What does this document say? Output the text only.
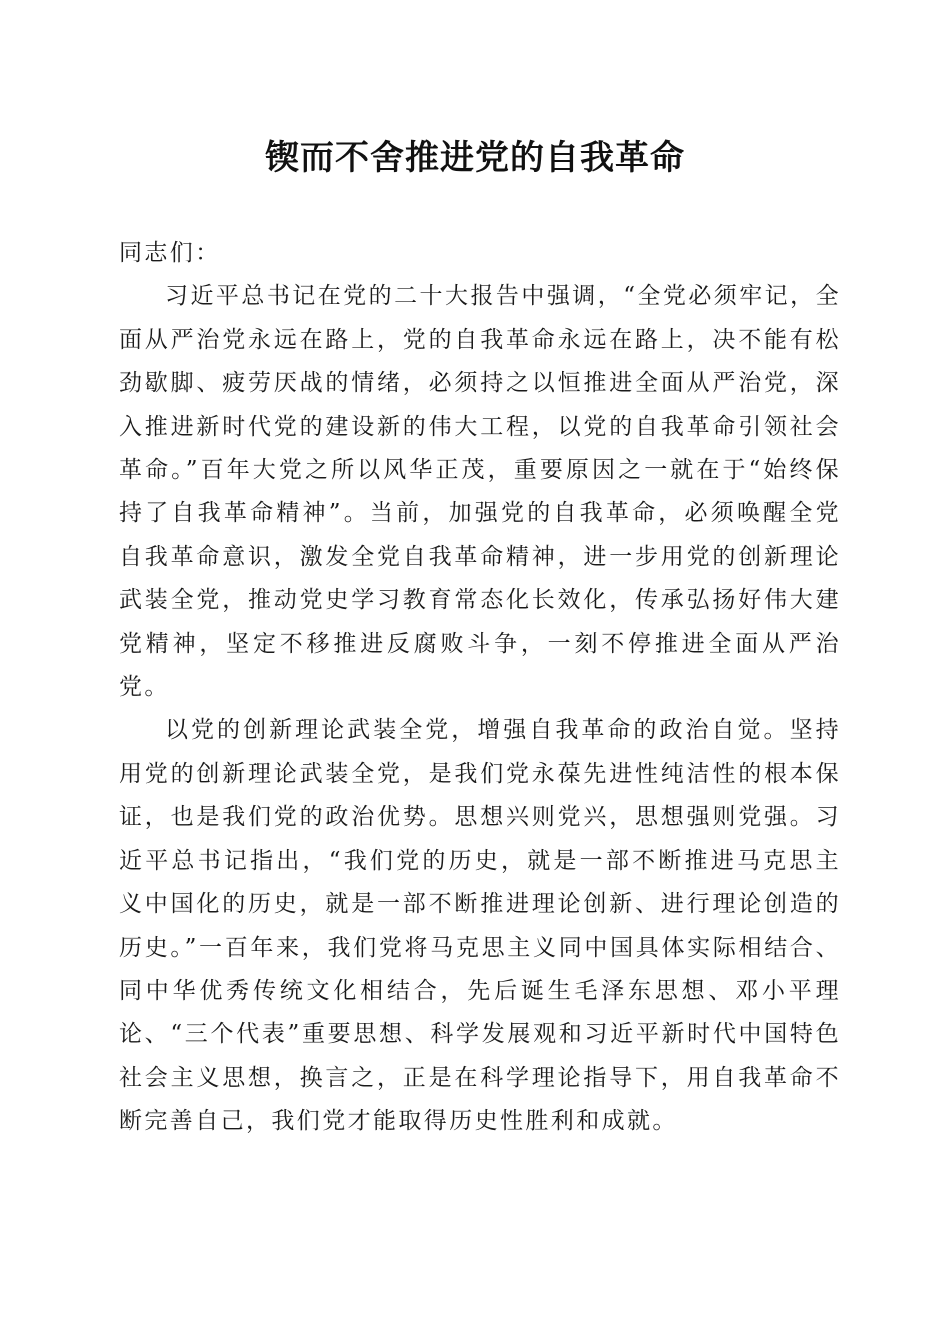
锲而不舍推进党的自我革命

同志们：

习近平总书记在党的二十大报告中强调，“全党必须牢记，全面从严治党永远在路上，党的自我革命永远在路上，决不能有松劲歇脚、疲劳厌战的情绪，必须持之以恒推进全面从严治党，深入推进新时代党的建设新的伟大工程，以党的自我革命引领社会革命。”百年大党之所以风华正茂，重要原因之一就在于“始终保持了自我革命精神”。当前，加强党的自我革命，必须唤醒全党自我革命意识，激发全党自我革命精神，进一步用党的创新理论武装全党，推动党史学习教育常态化长效化，传承弘扬好伟大建党精神，坚定不移推进反腐败斗争，一刻不停推进全面从严治党。

以党的创新理论武装全党，增强自我革命的政治自觉。坚持用党的创新理论武装全党，是我们党永葆先进性纯洁性的根本保证，也是我们党的政治优势。思想兴则党兴，思想强则党强。习近平总书记指出，“我们党的历史，就是一部不断推进马克思主义中国化的历史，就是一部不断推进理论创新、进行理论创造的历史。”一百年来，我们党将马克思主义同中国具体实际相结合、同中华优秀传统文化相结合，先后诞生毛泽东思想、邓小平理论、“三个代表”重要思想、科学发展观和习近平新时代中国特色社会主义思想，换言之，正是在科学理论指导下，用自我革命不断完善自己，我们党才能取得历史性胜利和成就。
